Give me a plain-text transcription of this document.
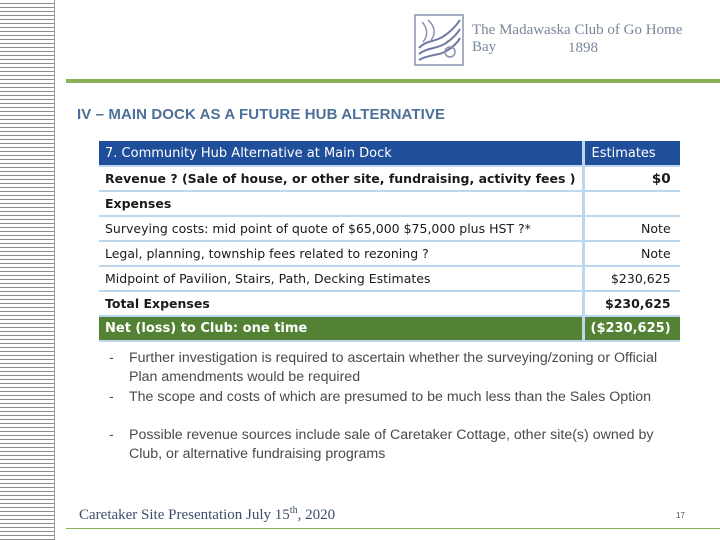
The Madawaska Club of Go Home Bay	1898
IV – MAIN DOCK AS A FUTURE HUB ALTERNATIVE
7. Community Hub Alternative at Main Dock	Estimates
Revenue ? (Sale of house, or other site, fundraising, activity fees )	$0
Expenses	
Surveying costs: mid point of quote of $65,000 $75,000 plus HST ?*	Note
Legal, planning, township fees related to rezoning ?	Note
Midpoint of Pavilion, Stairs, Path, Decking Estimates	$230,625
Total Expenses	$230,625
Net (loss) to Club: one time	($230,625)
- Further investigation is required to ascertain whether the surveying/zoning or Official Plan amendments would be required
- The scope and costs of which are presumed to be much less than the Sales Option
- Possible revenue sources include sale of Caretaker Cottage, other site(s) owned by Club, or alternative fundraising programs
Caretaker Site Presentation July 15th, 2020	17
